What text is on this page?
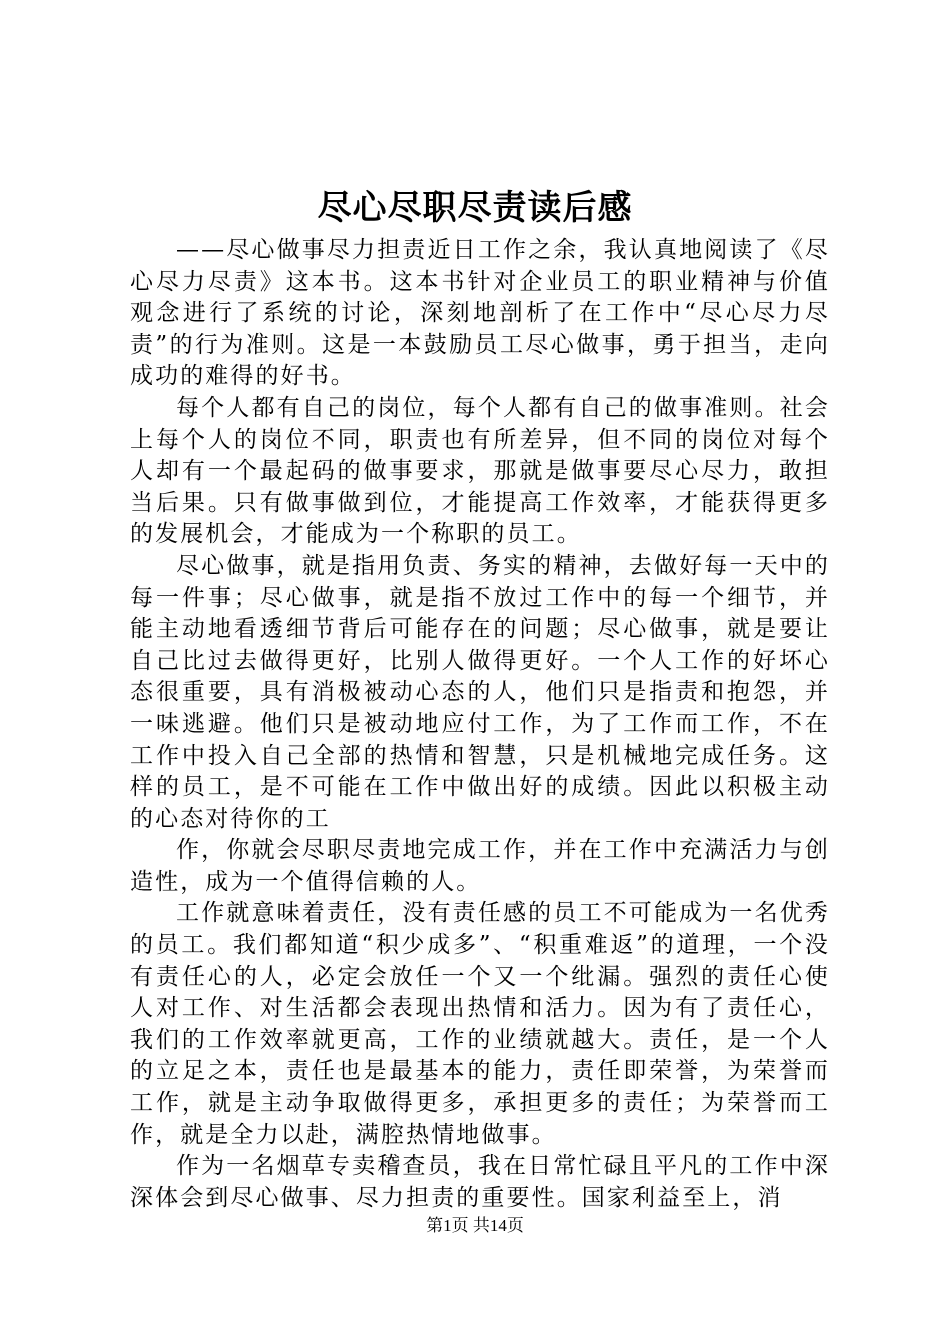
尽心尽职尽责读后感

——尽心做事尽力担责近日工作之余，我认真地阅读了《尽心尽力尽责》这本书。这本书针对企业员工的职业精神与价值观念进行了系统的讨论，深刻地剖析了在工作中“尽心尽力尽责”的行为准则。这是一本鼓励员工尽心做事，勇于担当，走向成功的难得的好书。

每个人都有自己的岗位，每个人都有自己的做事准则。社会上每个人的岗位不同，职责也有所差异，但不同的岗位对每个人却有一个最起码的做事要求，那就是做事要尽心尽力，敢担当后果。只有做事做到位，才能提高工作效率，才能获得更多的发展机会，才能成为一个称职的员工。

尽心做事，就是指用负责、务实的精神，去做好每一天中的每一件事；尽心做事，就是指不放过工作中的每一个细节，并能主动地看透细节背后可能存在的问题；尽心做事，就是要让自己比过去做得更好，比别人做得更好。一个人工作的好坏心态很重要，具有消极被动心态的人，他们只是指责和抱怨，并一味逃避。他们只是被动地应付工作，为了工作而工作，不在工作中投入自己全部的热情和智慧，只是机械地完成任务。这样的员工，是不可能在工作中做出好的成绩。因此以积极主动的心态对待你的工

作，你就会尽职尽责地完成工作，并在工作中充满活力与创造性，成为一个值得信赖的人。

工作就意味着责任，没有责任感的员工不可能成为一名优秀的员工。我们都知道“积少成多”、“积重难返”的道理，一个没有责任心的人，必定会放任一个又一个纰漏。强烈的责任心使人对工作、对生活都会表现出热情和活力。因为有了责任心，我们的工作效率就更高，工作的业绩就越大。责任，是一个人的立足之本，责任也是最基本的能力，责任即荣誉，为荣誉而工作，就是主动争取做得更多，承担更多的责任；为荣誉而工作，就是全力以赴，满腔热情地做事。

作为一名烟草专卖稽查员，我在日常忙碌且平凡的工作中深深体会到尽心做事、尽力担责的重要性。国家利益至上，消

第1页 共14页
